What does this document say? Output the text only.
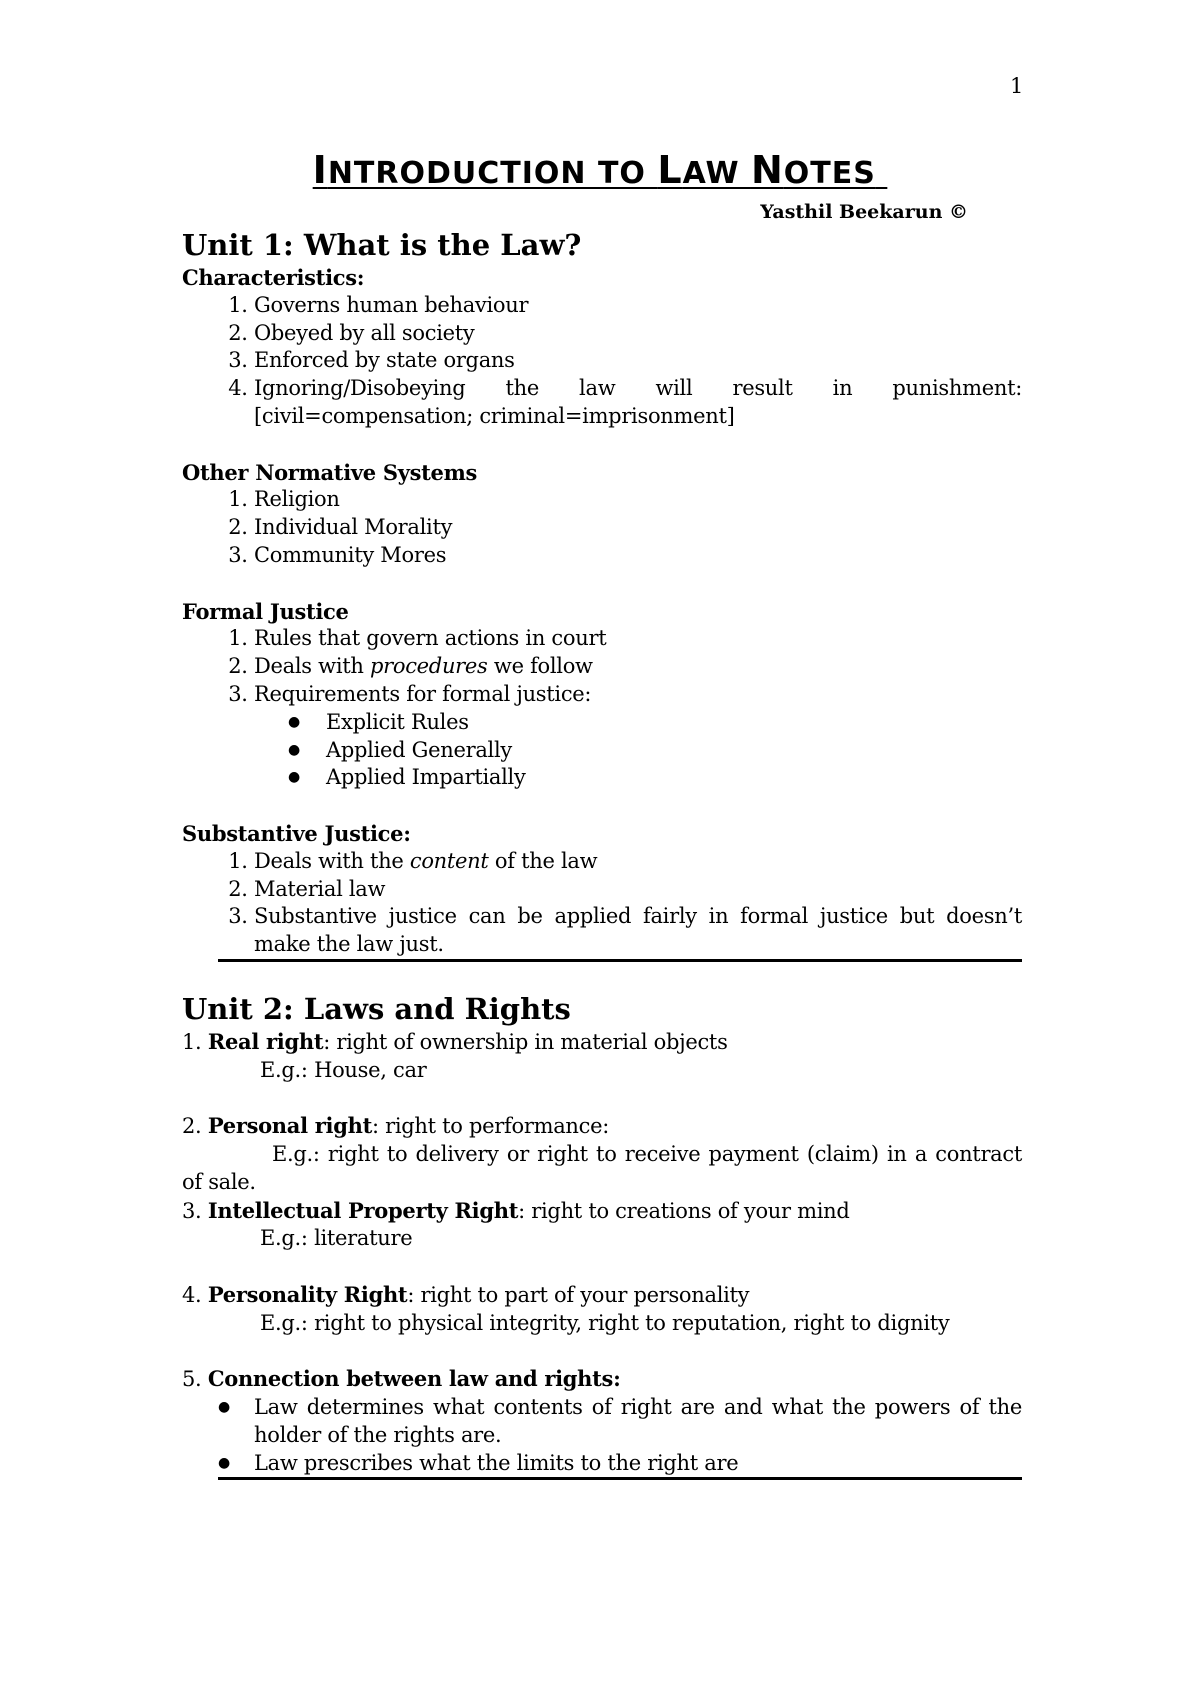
1
INTRODUCTION TO LAW NOTES
Yasthil Beekarun ©
Unit 1: What is the Law?
Characteristics:
1. Governs human behaviour
2. Obeyed by all society
3. Enforced by state organs
4. Ignoring/Disobeying the law will result in punishment: [civil=compensation; criminal=imprisonment]
Other Normative Systems
1. Religion
2. Individual Morality
3. Community Mores
Formal Justice
1. Rules that govern actions in court
2. Deals with procedures we follow
3. Requirements for formal justice:
● Explicit Rules
● Applied Generally
● Applied Impartially
Substantive Justice:
1. Deals with the content of the law
2. Material law
3. Substantive justice can be applied fairly in formal justice but doesn’t make the law just.
Unit 2: Laws and Rights
1. Real right: right of ownership in material objects
E.g.: House, car
2. Personal right: right to performance:
E.g.: right to delivery or right to receive payment (claim) in a contract of sale.
3. Intellectual Property Right: right to creations of your mind
E.g.: literature
4. Personality Right: right to part of your personality
E.g.: right to physical integrity, right to reputation, right to dignity
5. Connection between law and rights:
● Law determines what contents of right are and what the powers of the holder of the rights are.
● Law prescribes what the limits to the right are
